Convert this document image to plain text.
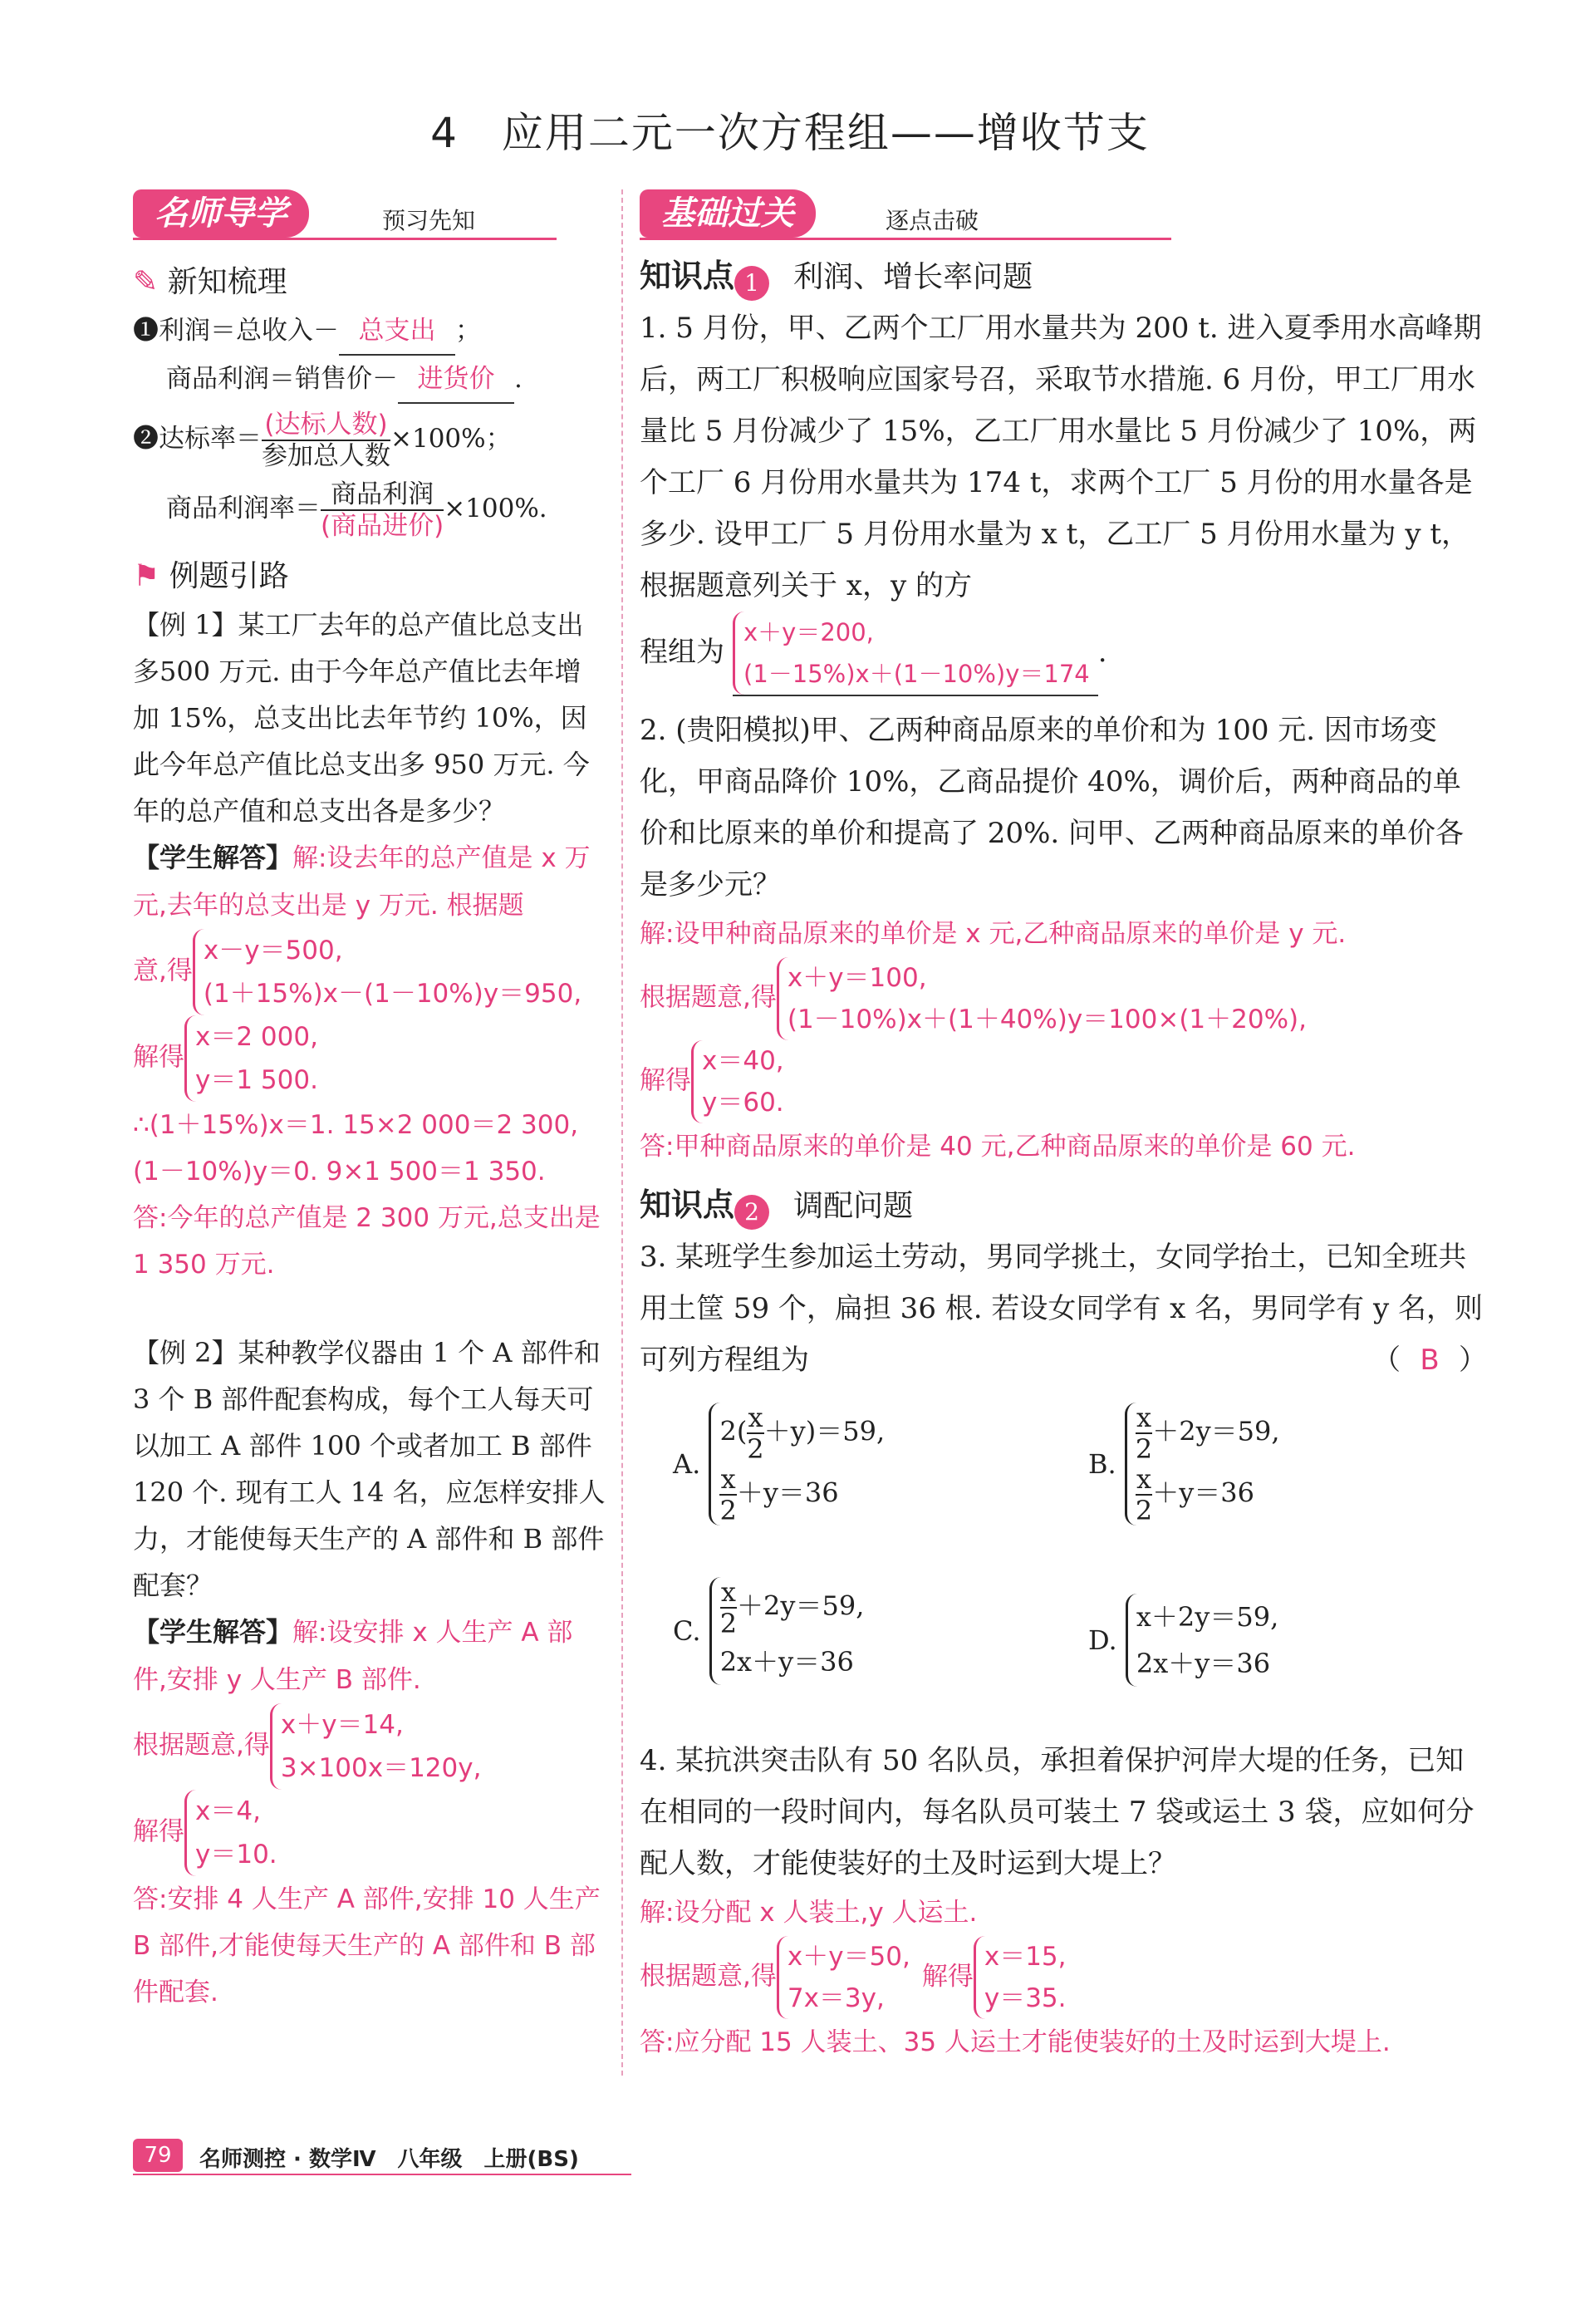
4　应用二元一次方程组——增收节支
名师导学	预习先知	基础过关	逐点击破
✎ 新知梳理

❶利润＝总收入－ 总支出 ；

商品利润＝销售价－ 进货价 .

❷达标率＝ $\frac{\text{(达标人数)}}{\text{参加总人数}} \times 100\%$；

商品利润率＝ $\frac{\text{商品利润}}{\text{(商品进价)}} \times 100\%$.

⚑ 例题引路

【例 1】某工厂去年的总产值比总支出多500 万元. 由于今年总产值比去年增加 15%，总支出比去年节约 10%，因此今年总产值比总支出多 950 万元. 今年的总产值和总支出各是多少？

【学生解答】解:设去年的总产值是 x 万元,去年的总支出是 y 万元. 根据题

意,得
x－y＝500,
(1＋15%)x－(1－10%)y＝950,

解得
x＝2 000,
y＝1 500.

∴(1＋15%)x＝1. 15×2 000＝2 300,

(1－10%)y＝0. 9×1 500＝1 350.

答:今年的总产值是 2 300 万元,总支出是 1 350 万元.

【例 2】某种教学仪器由 1 个 A 部件和 3 个 B 部件配套构成，每个工人每天可以加工 A 部件 100 个或者加工 B 部件 120 个. 现有工人 14 名，应怎样安排人力，才能使每天生产的 A 部件和 B 部件配套？

【学生解答】解:设安排 x 人生产 A 部件,安排 y 人生产 B 部件.

根据题意,得
x＋y＝14,
3×100x＝120y,

解得
x＝4,
y＝10.

答:安排 4 人生产 A 部件,安排 10 人生产 B 部件,才能使每天生产的 A 部件和 B 部件配套.

知识点 1 利润、增长率问题

1. 5 月份，甲、乙两个工厂用水量共为 200 t. 进入夏季用水高峰期后，两工厂积极响应国家号召，采取节水措施. 6 月份，甲工厂用水量比 5 月份减少了 15%，乙工厂用水量比 5 月份减少了 10%，两个工厂 6 月份用水量共为 174 t，求两个工厂 5 月份的用水量各是多少. 设甲工厂 5 月份用水量为 x t，乙工厂 5 月份用水量为 y t，根据题意列关于 x，y 的方

程组为
x＋y＝200,
(1－15%)x＋(1－10%)y＝174
.

2. (贵阳模拟)甲、乙两种商品原来的单价和为 100 元. 因市场变化，甲商品降价 10%，乙商品提价 40%，调价后，两种商品的单价和比原来的单价和提高了 20%. 问甲、乙两种商品原来的单价各是多少元？

解:设甲种商品原来的单价是 x 元,乙种商品原来的单价是 y 元.

根据题意,得
x＋y＝100,
(1－10%)x＋(1＋40%)y＝100×(1＋20%),

解得
x＝40,
y＝60.

答:甲种商品原来的单价是 40 元,乙种商品原来的单价是 60 元.

知识点 2 调配问题

3. 某班学生参加运土劳动，男同学挑土，女同学抬土，已知全班共用土筐 59 个，扁担 36 根. 若设女同学有 x 名，男同学有 y 名，则可列方程组为	（ B ）

A.
$2( \frac{x}{2} +y)=59$,
$\frac{x}{2} +y=36$
B. $\frac{x}{2} +2y=59$,
$\frac{x}{2} +y=36$
C. $\frac{x}{2} +2y=59$,
2x＋y＝36
D.
x＋2y＝59,
2x＋y＝36

4. 某抗洪突击队有 50 名队员，承担着保护河岸大堤的任务，已知在相同的一段时间内，每名队员可装土 7 袋或运土 3 袋，应如何分配人数，才能使装好的土及时运到大堤上？

解:设分配 x 人装土,y 人运土.

根据题意,得
x＋y＝50,
7x＝3y,
解得
x＝15,
y＝35.

答:应分配 15 人装土、35 人运土才能使装好的土及时运到大堤上.

79	名师测控 · 数学Ⅳ　八年级　上册(BS)
